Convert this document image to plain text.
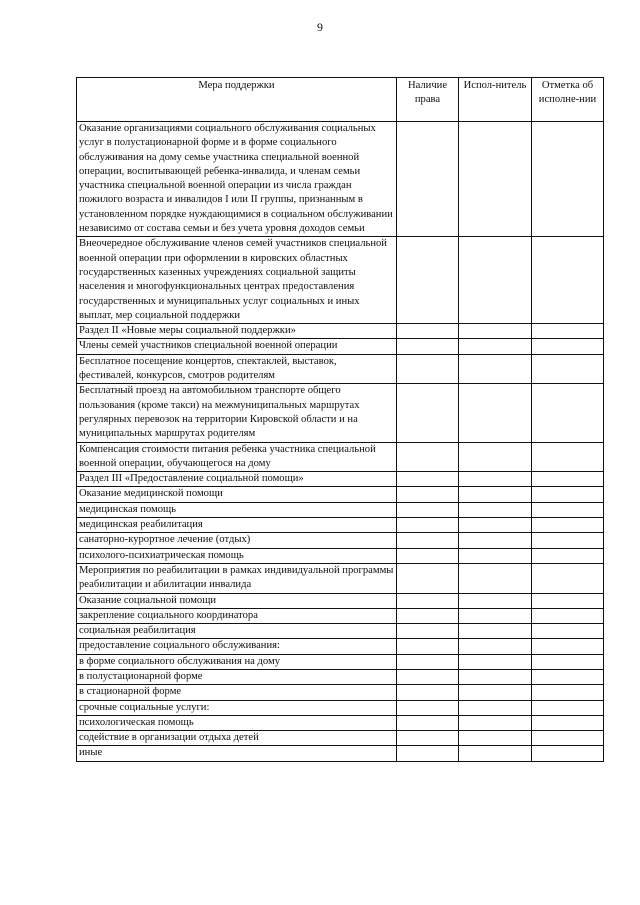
9
Мера поддержки	Наличие права	Испол-нитель	Отметка об исполне-нии
Оказание организациями социального обслуживания социальных услуг в полустационарной форме и в форме социального обслуживания на дому семье участника специальной военной операции, воспитывающей ребенка-инвалида, и членам семьи участника специальной военной операции из числа граждан пожилого возраста и инвалидов I или II группы, признанным в установленном порядке нуждающимися в социальном обслуживании независимо от состава семьи и без учета уровня доходов семьи			
Внеочередное обслуживание членов семей участников специальной военной операции при оформлении в кировских областных государственных казенных учреждениях социальной защиты населения и многофункциональных центрах предоставления государственных и муниципальных услуг социальных и иных выплат, мер социальной поддержки			
Раздел II «Новые меры социальной поддержки»			
Члены семей участников специальной военной операции			
Бесплатное посещение концертов, спектаклей, выставок, фестивалей, конкурсов, смотров родителям			
Бесплатный проезд на автомобильном транспорте общего пользования (кроме такси) на межмуниципальных маршрутах регулярных перевозок на территории Кировской области и на муниципальных маршрутах родителям			
Компенсация стоимости питания ребенка участника специальной военной операции, обучающегося на дому			
Раздел III «Предоставление социальной помощи»			
Оказание медицинской помощи			
медицинская помощь			
медицинская реабилитация			
санаторно-курортное лечение (отдых)			
психолого-психиатрическая помощь			
Мероприятия по реабилитации в рамках индивидуальной программы реабилитации и абилитации инвалида			
Оказание социальной помощи			
закрепление социального координатора			
социальная реабилитация			
предоставление социального обслуживания:			
в форме социального обслуживания на дому			
в полустационарной форме			
в стационарной форме			
срочные социальные услуги:			
психологическая помощь			
содействие в организации отдыха детей			
иные			
